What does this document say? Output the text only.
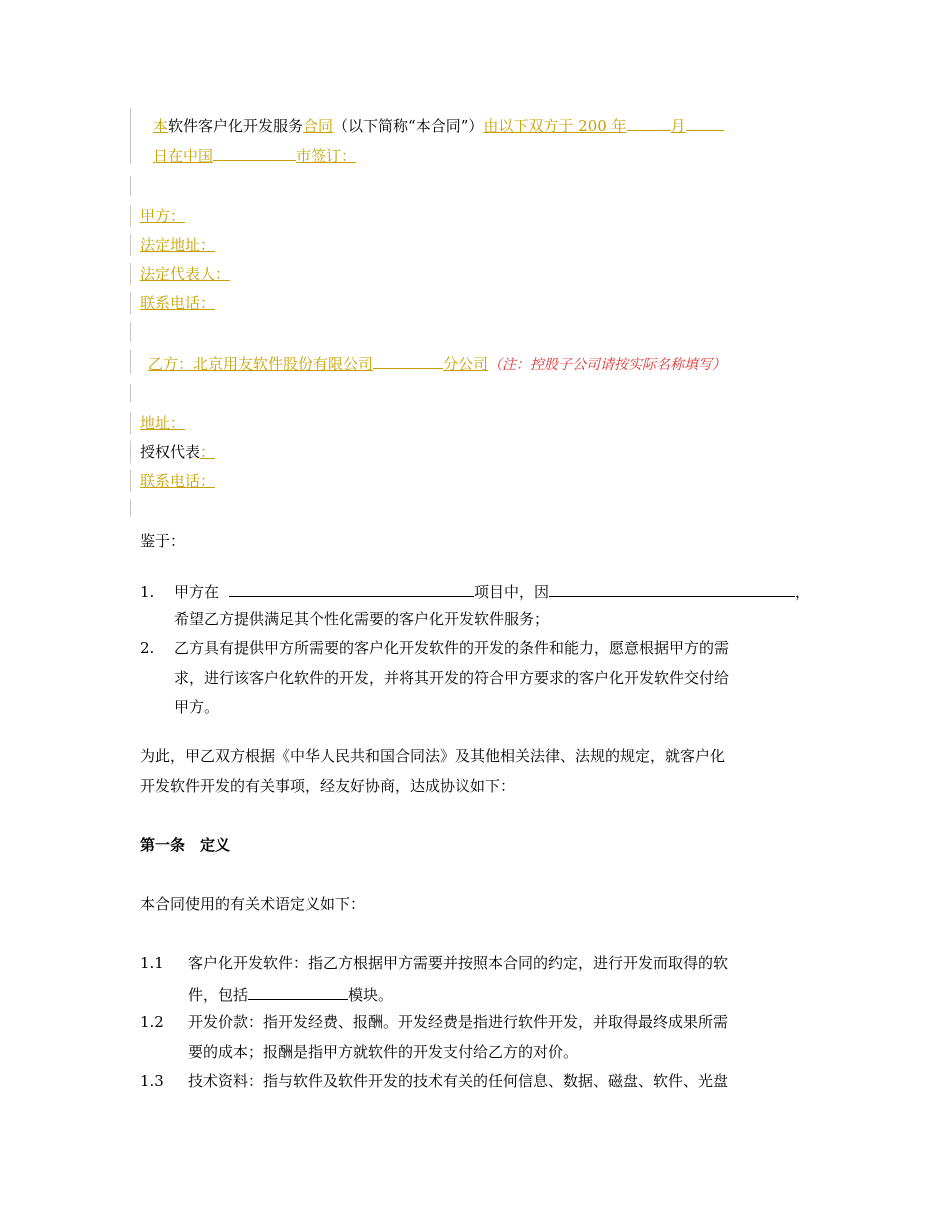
本软件客户化开发服务合同（以下简称“本合同”）由以下双方于 200 年	月
日在中国	市签订：
甲方：
法定地址：
法定代表人：
联系电话：
乙方：北京用友软件股份有限公司	分公司（注：控股子公司请按实际名称填写）
地址：
授权代表：
联系电话：
鉴于：
1. 甲方在	项目中，因	，
希望乙方提供满足其个性化需要的客户化开发软件服务；
2. 乙方具有提供甲方所需要的客户化开发软件的开发的条件和能力，愿意根据甲方的需
求，进行该客户化软件的开发，并将其开发的符合甲方要求的客户化开发软件交付给
甲方。
为此，甲乙双方根据《中华人民共和国合同法》及其他相关法律、法规的规定，就客户化
开发软件开发的有关事项，经友好协商，达成协议如下：
第一条　定义
本合同使用的有关术语定义如下：
1.1 客户化开发软件：指乙方根据甲方需要并按照本合同的约定，进行开发而取得的软
件，包括	模块。
1.2 开发价款：指开发经费、报酬。开发经费是指进行软件开发，并取得最终成果所需
要的成本；报酬是指甲方就软件的开发支付给乙方的对价。
1.3 技术资料：指与软件及软件开发的技术有关的任何信息、数据、磁盘、软件、光盘
